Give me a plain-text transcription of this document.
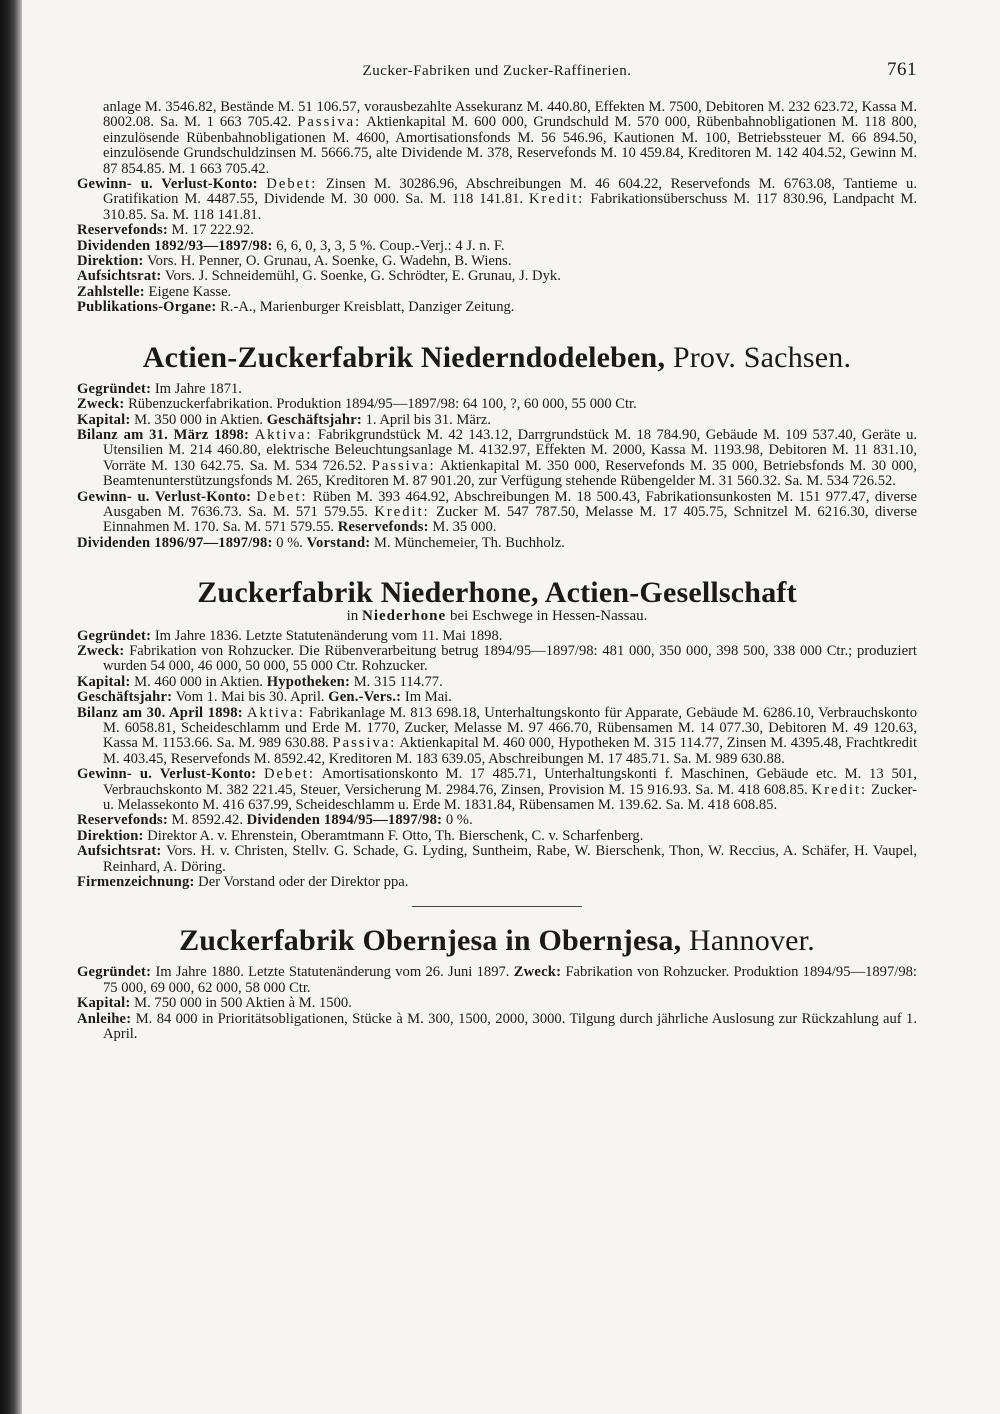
Zucker-Fabriken und Zucker-Raffinerien.	761

anlage M. 3546.82, Bestände M. 51 106.57, vorausbezahlte Assekuranz M. 440.80, Effekten M. 7500, Debitoren M. 232 623.72, Kassa M. 8002.08. Sa. M. 1 663 705.42. Passiva: Aktienkapital M. 600 000, Grundschuld M. 570 000, Rübenbahnobligationen M. 118 800, einzulösende Rübenbahnobligationen M. 4600, Amortisationsfonds M. 56 546.96, Kautionen M. 100, Betriebssteuer M. 66 894.50, einzulösende Grundschuldzinsen M. 5666.75, alte Dividende M. 378, Reservefonds M. 10 459.84, Kreditoren M. 142 404.52, Gewinn M. 87 854.85. M. 1 663 705.42.

Gewinn- u. Verlust-Konto: Debet: Zinsen M. 30286.96, Abschreibungen M. 46 604.22, Reservefonds M. 6763.08, Tantieme u. Gratifikation M. 4487.55, Dividende M. 30 000. Sa. M. 118 141.81. Kredit: Fabrikationsüberschuss M. 117 830.96, Landpacht M. 310.85. Sa. M. 118 141.81.

Reservefonds: M. 17 222.92.

Dividenden 1892/93—1897/98: 6, 6, 0, 3, 3, 5 %. Coup.-Verj.: 4 J. n. F.

Direktion: Vors. H. Penner, O. Grunau, A. Soenke, G. Wadehn, B. Wiens.

Aufsichtsrat: Vors. J. Schneidemühl, G. Soenke, G. Schrödter, E. Grunau, J. Dyk.

Zahlstelle: Eigene Kasse.

Publikations-Organe: R.-A., Marienburger Kreisblatt, Danziger Zeitung.

Actien-Zuckerfabrik Niederndodeleben, Prov. Sachsen.

Gegründet: Im Jahre 1871.

Zweck: Rübenzuckerfabrikation. Produktion 1894/95—1897/98: 64 100, ?, 60 000, 55 000 Ctr.

Kapital: M. 350 000 in Aktien. Geschäftsjahr: 1. April bis 31. März.

Bilanz am 31. März 1898: Aktiva: Fabrikgrundstück M. 42 143.12, Darrgrundstück M. 18 784.90, Gebäude M. 109 537.40, Geräte u. Utensilien M. 214 460.80, elektrische Beleuchtungsanlage M. 4132.97, Effekten M. 2000, Kassa M. 1193.98, Debitoren M. 11 831.10, Vorräte M. 130 642.75. Sa. M. 534 726.52. Passiva: Aktienkapital M. 350 000, Reservefonds M. 35 000, Betriebsfonds M. 30 000, Beamtenunterstützungsfonds M. 265, Kreditoren M. 87 901.20, zur Verfügung stehende Rübengelder M. 31 560.32. Sa. M. 534 726.52.

Gewinn- u. Verlust-Konto: Debet: Rüben M. 393 464.92, Abschreibungen M. 18 500.43, Fabrikationsunkosten M. 151 977.47, diverse Ausgaben M. 7636.73. Sa. M. 571 579.55. Kredit: Zucker M. 547 787.50, Melasse M. 17 405.75, Schnitzel M. 6216.30, diverse Einnahmen M. 170. Sa. M. 571 579.55. Reservefonds: M. 35 000.

Dividenden 1896/97—1897/98: 0 %. Vorstand: M. Münchemeier, Th. Buchholz.

Zuckerfabrik Niederhone, Actien-Gesellschaft
in Niederhone bei Eschwege in Hessen-Nassau.

Gegründet: Im Jahre 1836. Letzte Statutenänderung vom 11. Mai 1898.

Zweck: Fabrikation von Rohzucker. Die Rübenverarbeitung betrug 1894/95—1897/98: 481 000, 350 000, 398 500, 338 000 Ctr.; produziert wurden 54 000, 46 000, 50 000, 55 000 Ctr. Rohzucker.

Kapital: M. 460 000 in Aktien. Hypotheken: M. 315 114.77.

Geschäftsjahr: Vom 1. Mai bis 30. April. Gen.-Vers.: Im Mai.

Bilanz am 30. April 1898: Aktiva: Fabrikanlage M. 813 698.18, Unterhaltungskonto für Apparate, Gebäude M. 6286.10, Verbrauchskonto M. 6058.81, Scheideschlamm und Erde M. 1770, Zucker, Melasse M. 97 466.70, Rübensamen M. 14 077.30, Debitoren M. 49 120.63, Kassa M. 1153.66. Sa. M. 989 630.88. Passiva: Aktienkapital M. 460 000, Hypotheken M. 315 114.77, Zinsen M. 4395.48, Frachtkredit M. 403.45, Reservefonds M. 8592.42, Kreditoren M. 183 639.05, Abschreibungen M. 17 485.71. Sa. M. 989 630.88.

Gewinn- u. Verlust-Konto: Debet: Amortisationskonto M. 17 485.71, Unterhaltungskonti f. Maschinen, Gebäude etc. M. 13 501, Verbrauchskonto M. 382 221.45, Steuer, Versicherung M. 2984.76, Zinsen, Provision M. 15 916.93. Sa. M. 418 608.85. Kredit: Zucker- u. Melassekonto M. 416 637.99, Scheideschlamm u. Erde M. 1831.84, Rübensamen M. 139.62. Sa. M. 418 608.85.

Reservefonds: M. 8592.42. Dividenden 1894/95—1897/98: 0 %.

Direktion: Direktor A. v. Ehrenstein, Oberamtmann F. Otto, Th. Bierschenk, C. v. Scharfenberg.

Aufsichtsrat: Vors. H. v. Christen, Stellv. G. Schade, G. Lyding, Suntheim, Rabe, W. Bierschenk, Thon, W. Reccius, A. Schäfer, H. Vaupel, Reinhard, A. Döring.

Firmenzeichnung: Der Vorstand oder der Direktor ppa.

Zuckerfabrik Obernjesa in Obernjesa, Hannover.

Gegründet: Im Jahre 1880. Letzte Statutenänderung vom 26. Juni 1897. Zweck: Fabrikation von Rohzucker. Produktion 1894/95—1897/98: 75 000, 69 000, 62 000, 58 000 Ctr.

Kapital: M. 750 000 in 500 Aktien à M. 1500.

Anleihe: M. 84 000 in Prioritätsobligationen, Stücke à M. 300, 1500, 2000, 3000. Tilgung durch jährliche Auslosung zur Rückzahlung auf 1. April.
